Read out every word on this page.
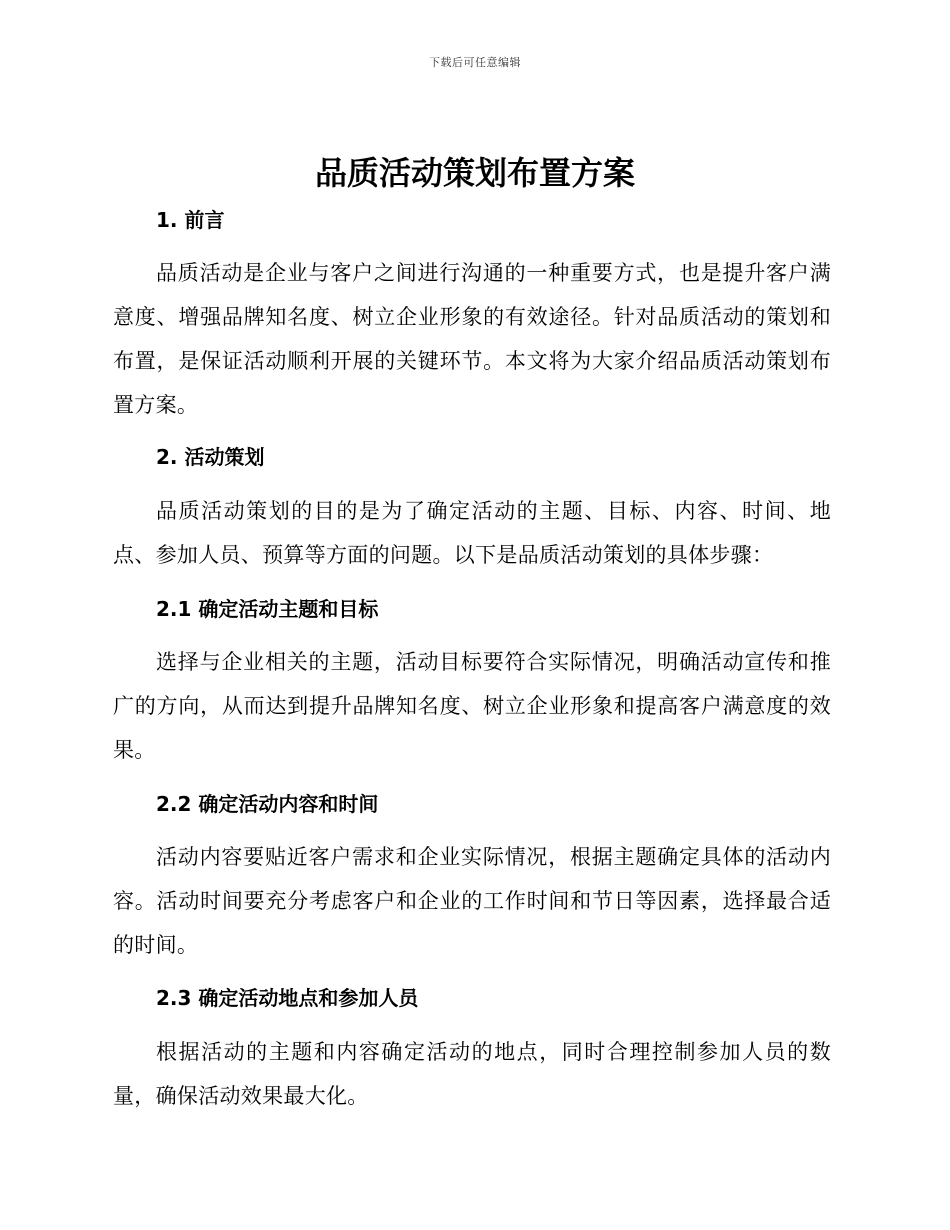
下载后可任意编辑
品质活动策划布置方案
1. 前言

品质活动是企业与客户之间进行沟通的一种重要方式，也是提升客户满意度、增强品牌知名度、树立企业形象的有效途径。针对品质活动的策划和布置，是保证活动顺利开展的关键环节。本文将为大家介绍品质活动策划布置方案。

2. 活动策划

品质活动策划的目的是为了确定活动的主题、目标、内容、时间、地点、参加人员、预算等方面的问题。以下是品质活动策划的具体步骤：

2.1 确定活动主题和目标

选择与企业相关的主题，活动目标要符合实际情况，明确活动宣传和推广的方向，从而达到提升品牌知名度、树立企业形象和提高客户满意度的效果。

2.2 确定活动内容和时间

活动内容要贴近客户需求和企业实际情况，根据主题确定具体的活动内容。活动时间要充分考虑客户和企业的工作时间和节日等因素，选择最合适的时间。

2.3 确定活动地点和参加人员

根据活动的主题和内容确定活动的地点，同时合理控制参加人员的数量，确保活动效果最大化。
